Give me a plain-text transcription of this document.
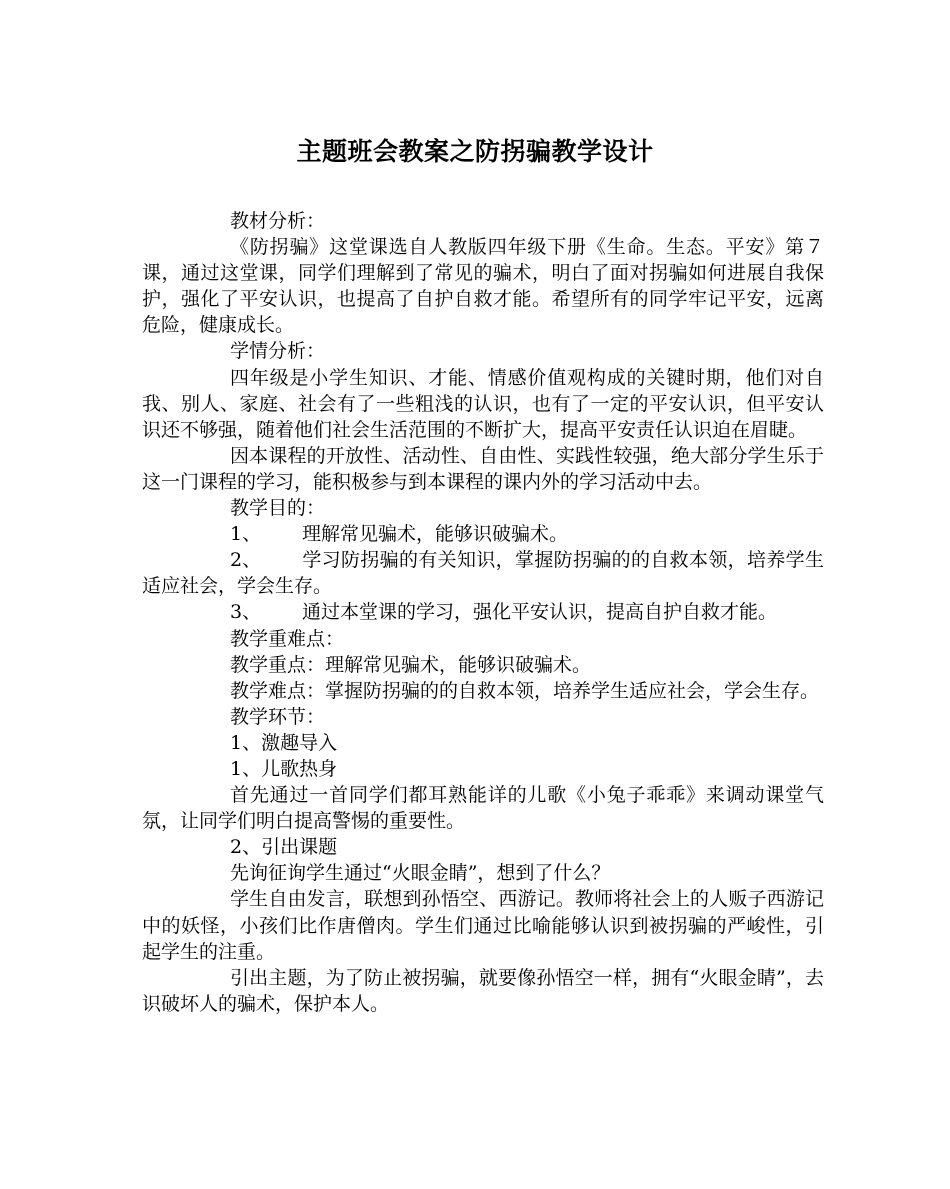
主题班会教案之防拐骗教学设计

教材分析：

《防拐骗》这堂课选自人教版四年级下册《生命。生态。平安》第７课，通过这堂课，同学们理解到了常见的骗术，明白了面对拐骗如何进展自我保护，强化了平安认识，也提高了自护自救才能。希望所有的同学牢记平安，远离危险，健康成长。

学情分析：

四年级是小学生知识、才能、情感价值观构成的关键时期，他们对自我、别人、家庭、社会有了一些粗浅的认识，也有了一定的平安认识，但平安认识还不够强，随着他们社会生活范围的不断扩大，提高平安责任认识迫在眉睫。

因本课程的开放性、活动性、自由性、实践性较强，绝大部分学生乐于这一门课程的学习，能积极参与到本课程的课内外的学习活动中去。

教学目的：

1、 理解常见骗术，能够识破骗术。

2、 学习防拐骗的有关知识，掌握防拐骗的的自救本领，培养学生适应社会，学会生存。

3、 通过本堂课的学习，强化平安认识，提高自护自救才能。

教学重难点：

教学重点：理解常见骗术，能够识破骗术。

教学难点：掌握防拐骗的的自救本领，培养学生适应社会，学会生存。

教学环节：

1、激趣导入

1、儿歌热身

首先通过一首同学们都耳熟能详的儿歌《小兔子乖乖》来调动课堂气氛，让同学们明白提高警惕的重要性。

2、引出课题

先询征询学生通过“火眼金睛”，想到了什么？

学生自由发言，联想到孙悟空、西游记。教师将社会上的人贩子西游记中的妖怪，小孩们比作唐僧肉。学生们通过比喻能够认识到被拐骗的严峻性，引起学生的注重。

引出主题，为了防止被拐骗，就要像孙悟空一样，拥有“火眼金睛”，去识破坏人的骗术，保护本人。
